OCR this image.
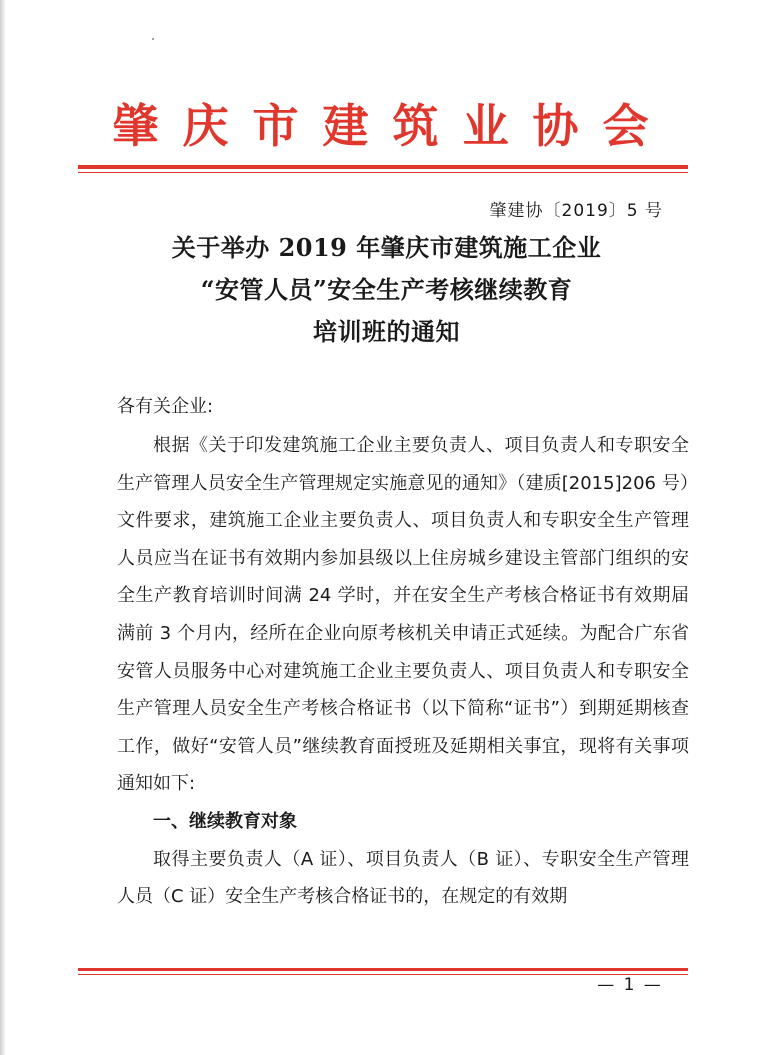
肇庆市建筑业协会
肇建协〔2019〕5 号
关于举办 2019 年肇庆市建筑施工企业
“安管人员”安全生产考核继续教育
培训班的通知
各有关企业:

根据《关于印发建筑施工企业主要负责人、项目负责人和专职安全生产管理人员安全生产管理规定实施意见的通知》（建质[2015]206 号）文件要求，建筑施工企业主要负责人、项目负责人和专职安全生产管理人员应当在证书有效期内参加县级以上住房城乡建设主管部门组织的安全生产教育培训时间满 24 学时，并在安全生产考核合格证书有效期届满前 3 个月内，经所在企业向原考核机关申请正式延续。为配合广东省安管人员服务中心对建筑施工企业主要负责人、项目负责人和专职安全生产管理人员安全生产考核合格证书（以下简称“证书”）到期延期核查工作，做好“安管人员”继续教育面授班及延期相关事宜，现将有关事项通知如下:

一、继续教育对象

取得主要负责人（A 证）、项目负责人（B 证）、专职安全生产管理人员（C 证）安全生产考核合格证书的，在规定的有效期

— 1 —
